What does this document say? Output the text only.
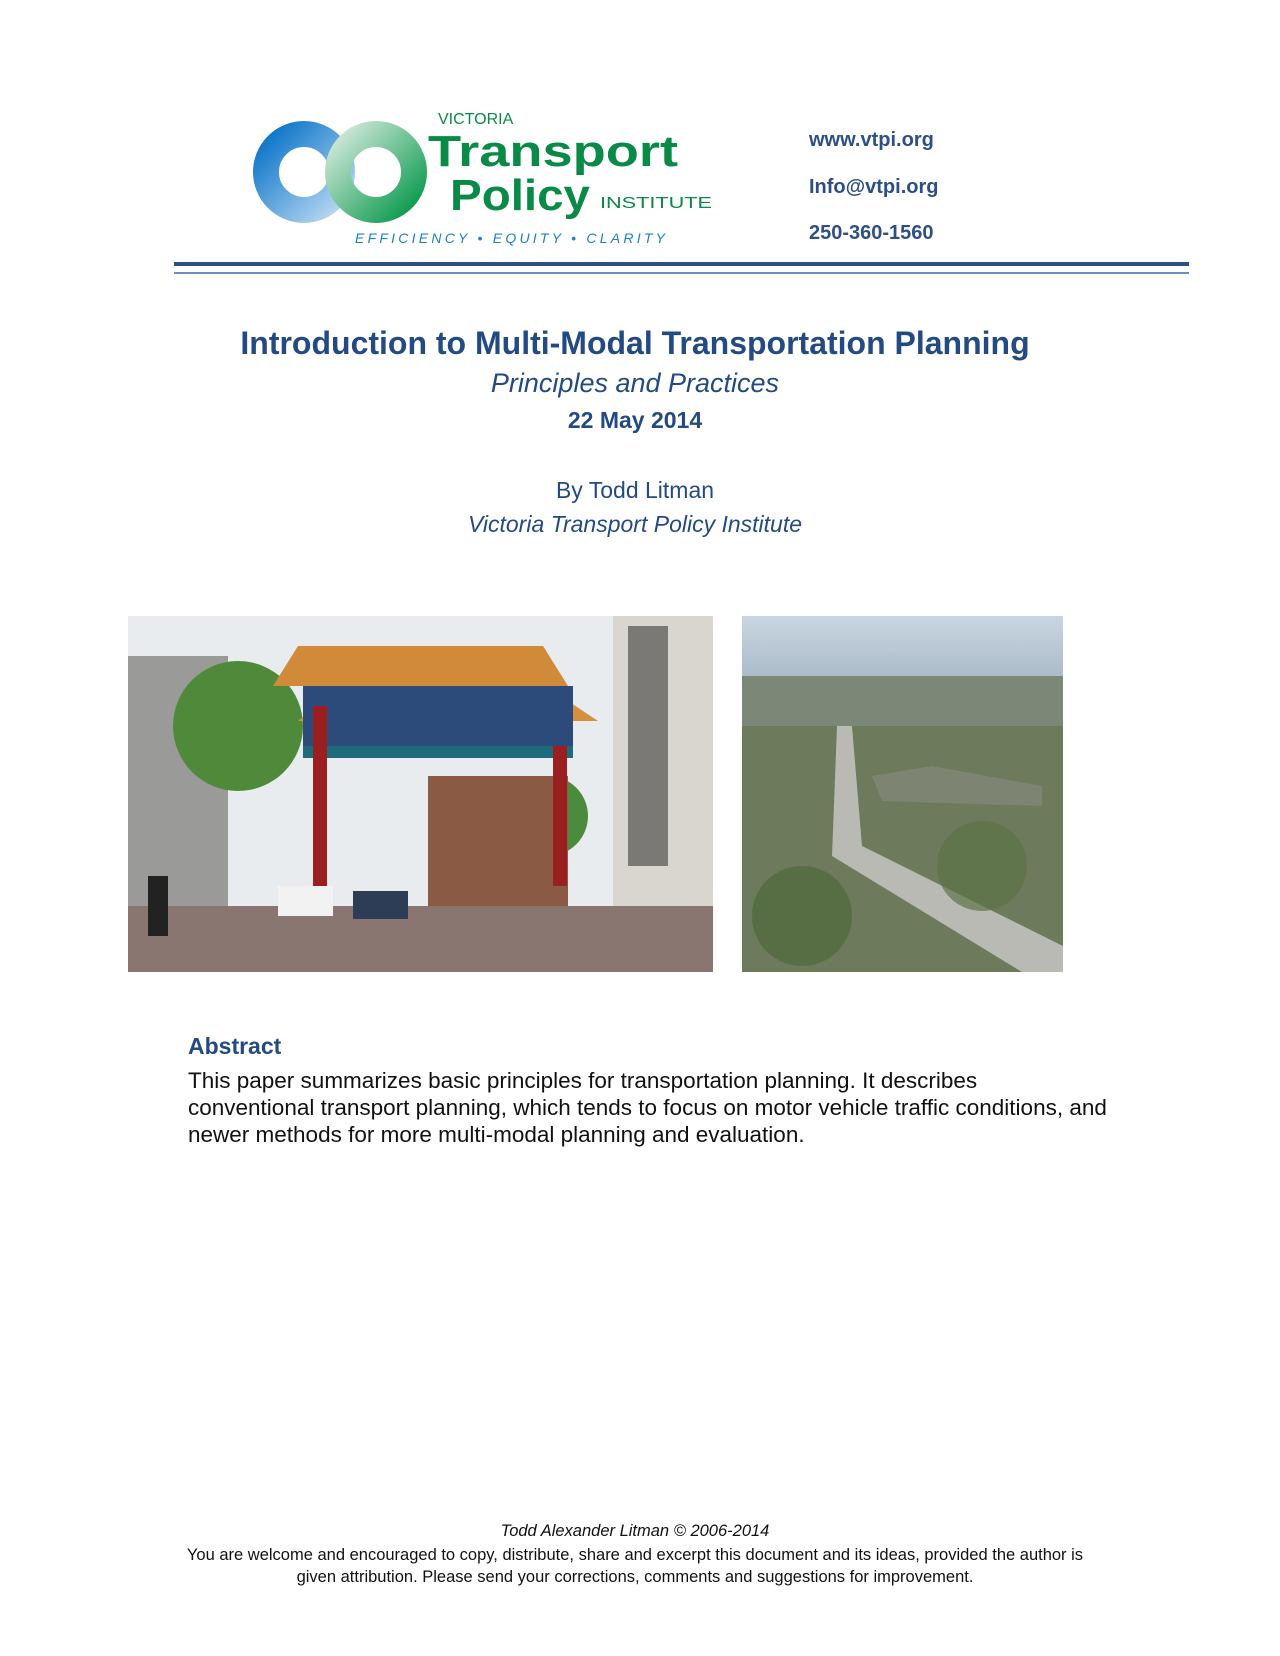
VICTORIA
Transport
Policy INSTITUTE
EFFICIENCY • EQUITY • CLARITY
www.vtpi.org
Info@vtpi.org
250-360-1560
Introduction to Multi-Modal Transportation Planning
Principles and Practices
22 May 2014
By Todd Litman
Victoria Transport Policy Institute
Abstract
This paper summarizes basic principles for transportation planning. It describes conventional transport planning, which tends to focus on motor vehicle traffic conditions, and newer methods for more multi-modal planning and evaluation.
Todd Alexander Litman © 2006-2014
You are welcome and encouraged to copy, distribute, share and excerpt this document and its ideas, provided the author is
given attribution. Please send your corrections, comments and suggestions for improvement.
